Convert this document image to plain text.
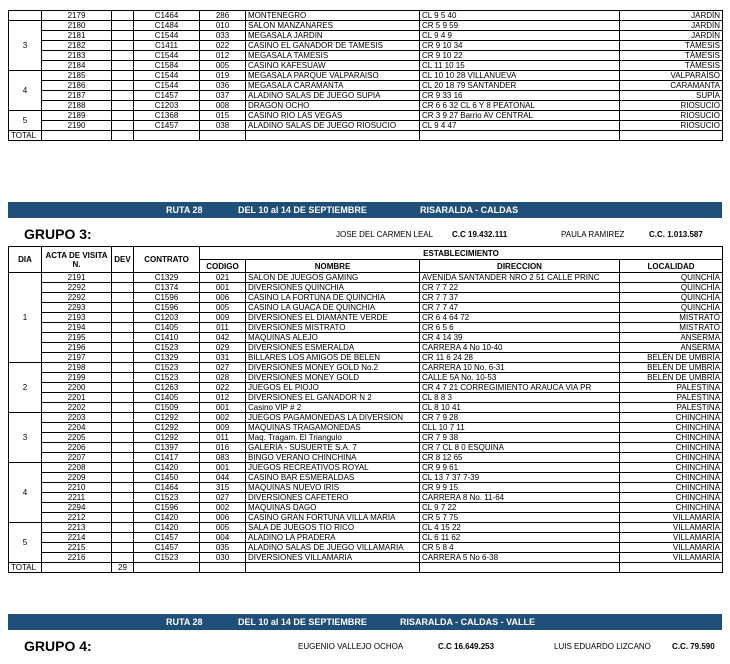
	2179		C1464	286	MONTENEGRO	CL 9 5 40	JARDÍN
3	2180		C1484	010	SALON MANZANARES	CR 5 9 59	JARDÍN
	2181		C1544	033	MEGASALA JARDIN	CL 9 4 9	JARDÍN
	2182		C1411	022	CASINO EL GANADOR DE TAMESIS	CR 9 10 34	TÁMESIS
	2183		C1544	012	MEGASALA TAMESIS	CR 9 10 22	TÁMESIS
	2184		C1584	005	CASINO KAFESUAW	CL 11 10 15	TÁMESIS
4	2185		C1544	019	MEGASALA PARQUE VALPARAISO	CL 10 10 28 VILLANUEVA	VALPARAÍSO
	2186		C1544	036	MEGASALA CARAMANTA	CL 20 18 79 SANTANDER	CARAMANTA
	2187		C1457	037	ALADINO SALAS DE JUEGO SUPIA	CR 9 33 16	SUPÍA
	2188		C1203	008	DRAGON OCHO	CR 6 6 32 CL 6 Y 8 PEATONAL	RIOSUCIO
5	2189		C1368	015	CASINO RIO LAS VEGAS	CR 3 9 27 Barrio AV CENTRAL	RIOSUCIO
	2190		C1457	038	ALADINO SALAS DE JUEGO RIOSUCIO	CL 9 4 47	RIOSUCIO
TOTAL							
RUTA 28	DEL 10 al 14 DE SEPTIEMBRE	RISARALDA - CALDAS
GRUPO 3:	JOSE DEL CARMEN LEAL C.C 19.432.111	PAULA RAMIREZ	C.C. 1.013.587
DIA	ACTA DE VISITA N.	DEV	CONTRATO	ESTABLECIMIENTO			
				CODIGO	NOMBRE	DIRECCION	LOCALIDAD
1	2191		C1329	021	SALON DE JUEGOS GAMING	AVENIDA SANTANDER NRO 2 51 CALLE PRINC	QUINCHÍA
	2292		C1374	001	DIVERSIONES QUINCHIA	CR 7 7 22	QUINCHÍA
	2292		C1596	006	CASINO LA FORTUNA DE QUINCHIA	CR 7 7 37	QUINCHÍA
	2293		C1596	005	CASINO LA GUACA DE QUINCHIA	CR 7 7 47	QUINCHÍA
	2193		C1203	009	DIVERSIONES EL DIAMANTE VERDE	CR 6 4 64 72	MISTRATÓ
	2194		C1405	011	DIVERSIONES MISTRATO	CR 6 5 6	MISTRATÓ
	2195		C1410	042	MAQUINAS ALEJO	CR 4 14 39	ANSERMA
	2196		C1523	029	DIVERSIONES ESMERALDA	CARRERA 4 No 10-40	ANSERMA
	2197		C1329	031	BILLARES LOS AMIGOS DE BELEN	CR 11 6 24 28	BELÉN DE UMBRÍA
2	2198		C1523	027	DIVERSIONES MONEY GOLD No.2	CARRERA 10 No. 6-31	BELÉN DE UMBRÍA
	2199		C1523	028	DIVERSIONES MONEY GOLD	CALLE 5A No. 10-53	BELÉN DE UMBRÍA
	2200		C1263	022	JUEGOS EL PIOJO	CR 4 7 21 CORREGIMIENTO ARAUCA VIA PR	PALESTINA
	2201		C1405	012	DIVERSIONES EL GANADOR N 2	CL 8 8 3	PALESTINA
	2202		C1509	001	Casino VIP # 2	CL 8 10 41	PALESTINA
3	2203		C1292	002	JUEGOS PAGAMONEDAS LA DIVERSION	CR 7 9 28	CHINCHINÁ
	2204		C1292	009	MAQUINAS TRAGAMONEDAS	CLL 10 7 11	CHINCHINÁ
	2205		C1292	011	Maq. Tragam. El Triangulo	CR 7 9 38	CHINCHINÁ
	2206		C1397	016	GALERIA - SUSUERTE S.A. 7	CR 7 CL 8 0 ESQUINA	CHINCHINÁ
	2207		C1417	083	BINGO VERANO CHINCHINA	CR 8 12 65	CHINCHINÁ
4	2208		C1420	001	JUEGOS RECREATIVOS ROYAL	CR 9 9 61	CHINCHINÁ
	2209		C1450	044	CASINO BAR ESMERALDAS	CL 13 7 37 7-39	CHINCHINÁ
	2210		C1464	315	MAQUINAS NUEVO IRIS	CR 9 9 15	CHINCHINÁ
	2211		C1523	027	DIVERSIONES CAFETERO	CARRERA 8 No. 11-64	CHINCHINÁ
	2294		C1596	002	MAQUINAS DAGO	CL 9 7 22	CHINCHINÁ
	2212		C1420	006	CASINO GRAN FORTUNA VILLA MARIA	CR 5 7 75	VILLAMARÍA
5	2213		C1420	005	SALA DE JUEGOS TIO RICO	CL 4 15 22	VILLAMARÍA
	2214		C1457	004	ALADINO LA PRADERA	CL 6 11 62	VILLAMARÍA
	2215		C1457	035	ALADINO SALAS DE JUEGO VILLAMARIA	CR 5 8 4	VILLAMARÍA
	2216		C1523	030	DIVERSIONES VILLAMARIA	CARRERA 5 No 6-38	VILLAMARÍA
TOTAL		29					
RUTA 28	DEL 10 al 14 DE SEPTIEMBRE	RISARALDA - CALDAS - VALLE
GRUPO 4:	EUGENIO VALLEJO OCHOA	C.C 16.649.253	LUIS EDUARDO LIZCANO	C.C. 79.590
